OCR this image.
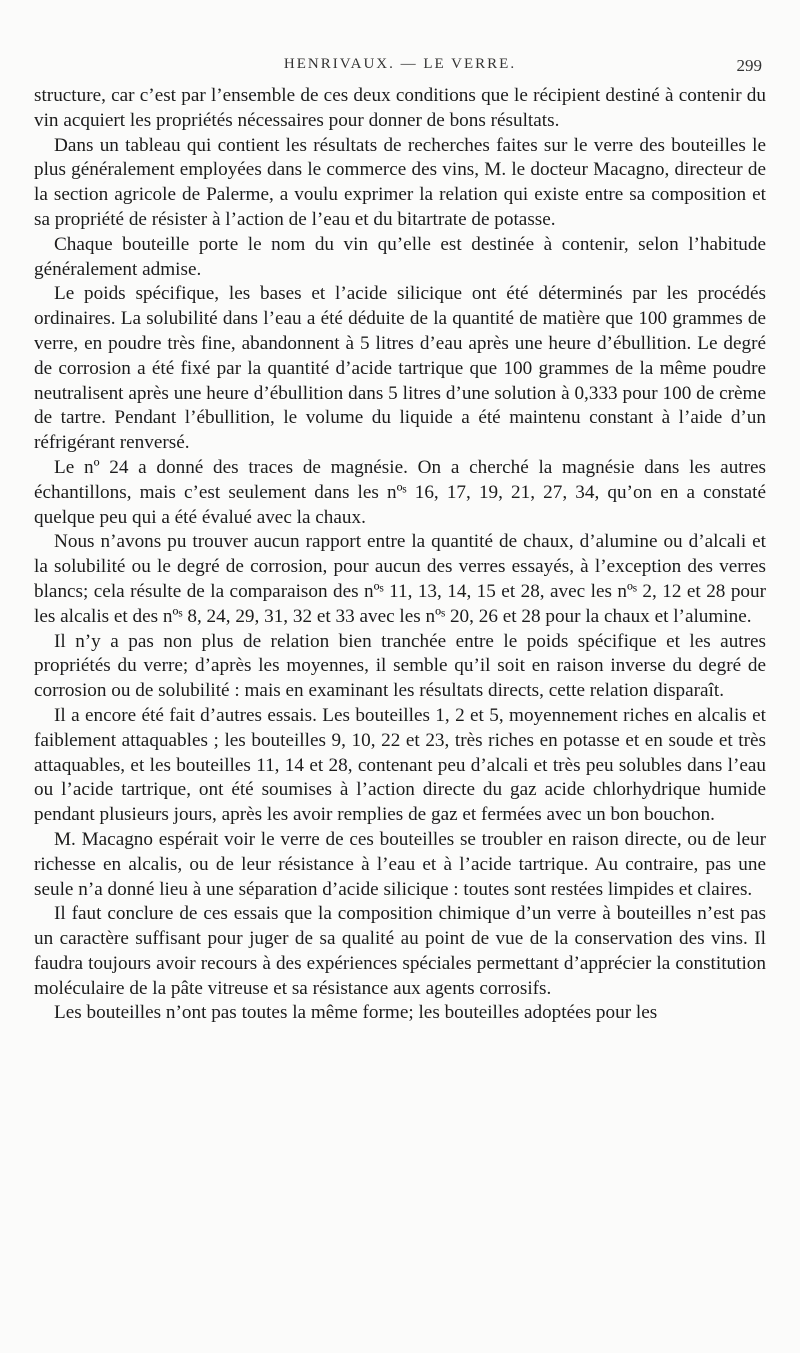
HENRIVAUX. — LE VERRE.	299

structure, car c’est par l’ensemble de ces deux conditions que le récipient destiné à contenir du vin acquiert les propriétés nécessaires pour donner de bons résultats.

Dans un tableau qui contient les résultats de recherches faites sur le verre des bouteilles le plus généralement employées dans le commerce des vins, M. le docteur Macagno, directeur de la section agricole de Palerme, a voulu exprimer la relation qui existe entre sa composition et sa propriété de résister à l’action de l’eau et du bitartrate de potasse.

Chaque bouteille porte le nom du vin qu’elle est destinée à contenir, selon l’habitude généralement admise.

Le poids spécifique, les bases et l’acide silicique ont été déterminés par les procédés ordinaires. La solubilité dans l’eau a été déduite de la quantité de matière que 100 grammes de verre, en poudre très fine, abandonnent à 5 litres d’eau après une heure d’ébullition. Le degré de corrosion a été fixé par la quantité d’acide tartrique que 100 grammes de la même poudre neutralisent après une heure d’ébullition dans 5 litres d’une solution à 0,333 pour 100 de crème de tartre. Pendant l’ébullition, le volume du liquide a été maintenu constant à l’aide d’un réfrigérant renversé.

Le nº 24 a donné des traces de magnésie. On a cherché la magnésie dans les autres échantillons, mais c’est seulement dans les nºˢ 16, 17, 19, 21, 27, 34, qu’on en a constaté quelque peu qui a été évalué avec la chaux.

Nous n’avons pu trouver aucun rapport entre la quantité de chaux, d’alumine ou d’alcali et la solubilité ou le degré de corrosion, pour aucun des verres essayés, à l’exception des verres blancs; cela résulte de la comparaison des nºˢ 11, 13, 14, 15 et 28, avec les nºˢ 2, 12 et 28 pour les alcalis et des nºˢ 8, 24, 29, 31, 32 et 33 avec les nºˢ 20, 26 et 28 pour la chaux et l’alumine.

Il n’y a pas non plus de relation bien tranchée entre le poids spécifique et les autres propriétés du verre; d’après les moyennes, il semble qu’il soit en raison inverse du degré de corrosion ou de solubilité : mais en examinant les résultats directs, cette relation disparaît.

Il a encore été fait d’autres essais. Les bouteilles 1, 2 et 5, moyennement riches en alcalis et faiblement attaquables ; les bouteilles 9, 10, 22 et 23, très riches en potasse et en soude et très attaquables, et les bouteilles 11, 14 et 28, contenant peu d’alcali et très peu solubles dans l’eau ou l’acide tartrique, ont été soumises à l’action directe du gaz acide chlorhydrique humide pendant plusieurs jours, après les avoir remplies de gaz et fermées avec un bon bouchon.

M. Macagno espérait voir le verre de ces bouteilles se troubler en raison directe, ou de leur richesse en alcalis, ou de leur résistance à l’eau et à l’acide tartrique. Au contraire, pas une seule n’a donné lieu à une séparation d’acide silicique : toutes sont restées limpides et claires.

Il faut conclure de ces essais que la composition chimique d’un verre à bouteilles n’est pas un caractère suffisant pour juger de sa qualité au point de vue de la conservation des vins. Il faudra toujours avoir recours à des expériences spéciales permettant d’apprécier la constitution moléculaire de la pâte vitreuse et sa résistance aux agents corrosifs.

Les bouteilles n’ont pas toutes la même forme; les bouteilles adoptées pour les
